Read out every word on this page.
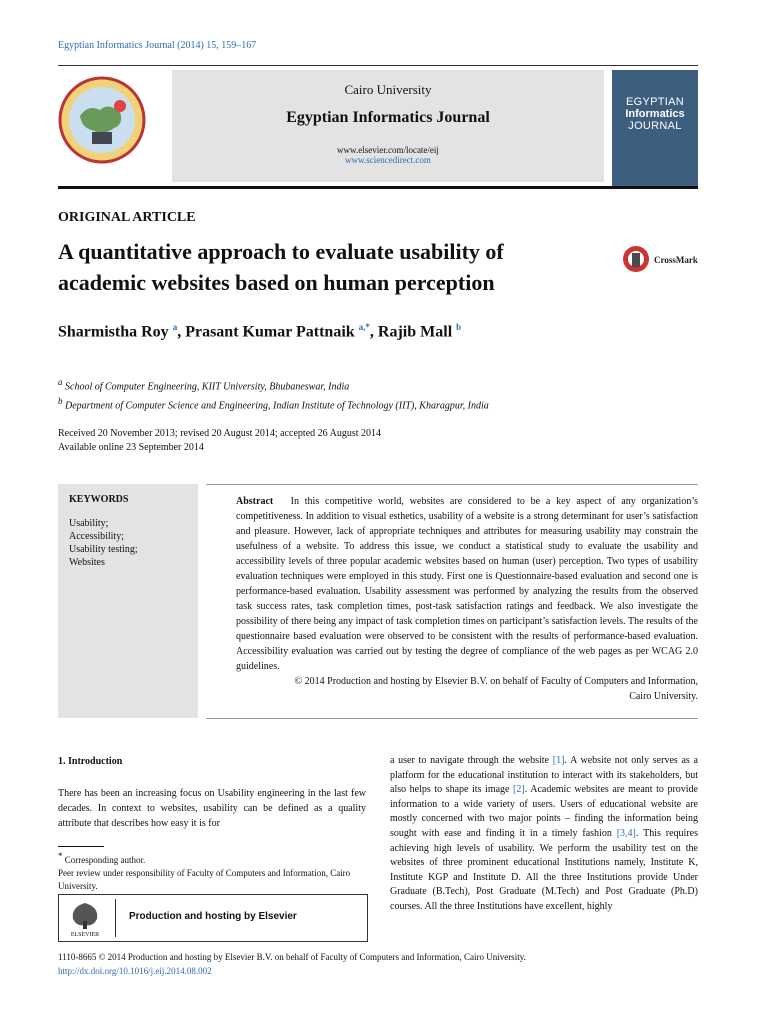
Egyptian Informatics Journal (2014) 15, 159–167
Cairo University
Egyptian Informatics Journal
www.elsevier.com/locate/eij
www.sciencedirect.com
EGYPTIAN
Informatics
JOURNAL
ORIGINAL ARTICLE
A quantitative approach to evaluate usability of
academic websites based on human perception
CrossMark
Sharmistha Roy $^a$, Prasant Kumar Pattnaik $^{a,*}$, Rajib Mall $^b$
$^a$ School of Computer Engineering, KIIT University, Bhubaneswar, India
$^b$ Department of Computer Science and Engineering, Indian Institute of Technology (IIT), Kharagpur, India
Received 20 November 2013; revised 20 August 2014; accepted 26 August 2014
Available online 23 September 2014
KEYWORDS
Usability;
Accessibility;
Usability testing;
Websites
Abstract In this competitive world, websites are considered to be a key aspect of any organization’s competitiveness. In addition to visual esthetics, usability of a website is a strong determinant for user’s satisfaction and pleasure. However, lack of appropriate techniques and attributes for measuring usability may constrain the usefulness of a website. To address this issue, we conduct a statistical study to evaluate the usability and accessibility levels of three popular academic websites based on human (user) perception. Two types of usability evaluation techniques were employed in this study. First one is Questionnaire-based evaluation and second one is performance-based evaluation. Usability assessment was performed by analyzing the results from the observed task success rates, task completion times, post-task satisfaction ratings and feedback. We also investigate the possibility of there being any impact of task completion times on participant’s satisfaction levels. The results of the questionnaire based evaluation were observed to be consistent with the results of performance-based evaluation. Accessibility evaluation was carried out by testing the degree of compliance of the web pages as per WCAG 2.0 guidelines.
© 2014 Production and hosting by Elsevier B.V. on behalf of Faculty of Computers and Information,
Cairo University.
1. Introduction
There has been an increasing focus on Usability engineering in the last few decades. In context to websites, usability can be defined as a quality attribute that describes how easy it is for
* Corresponding author.
Peer review under responsibility of Faculty of Computers and Information, Cairo University.
ELSEVIER
Production and hosting by Elsevier
a user to navigate through the website [1]. A website not only serves as a platform for the educational institution to interact with its stakeholders, but also helps to shape its image [2]. Academic websites are meant to provide information to a wide variety of users. Users of educational website are mostly concerned with two major points – finding the information being sought with ease and finding it in a timely fashion [3,4]. This requires achieving high levels of usability. We perform the usability test on the websites of three prominent educational Institutions namely, Institute K, Institute KGP and Institute D. All the three Institutions provide Under Graduate (B.Tech), Post Graduate (M.Tech) and Post Graduate (Ph.D) courses. All the three Institutions have excellent, highly
1110-8665 © 2014 Production and hosting by Elsevier B.V. on behalf of Faculty of Computers and Information, Cairo University.
http://dx.doi.org/10.1016/j.eij.2014.08.002
